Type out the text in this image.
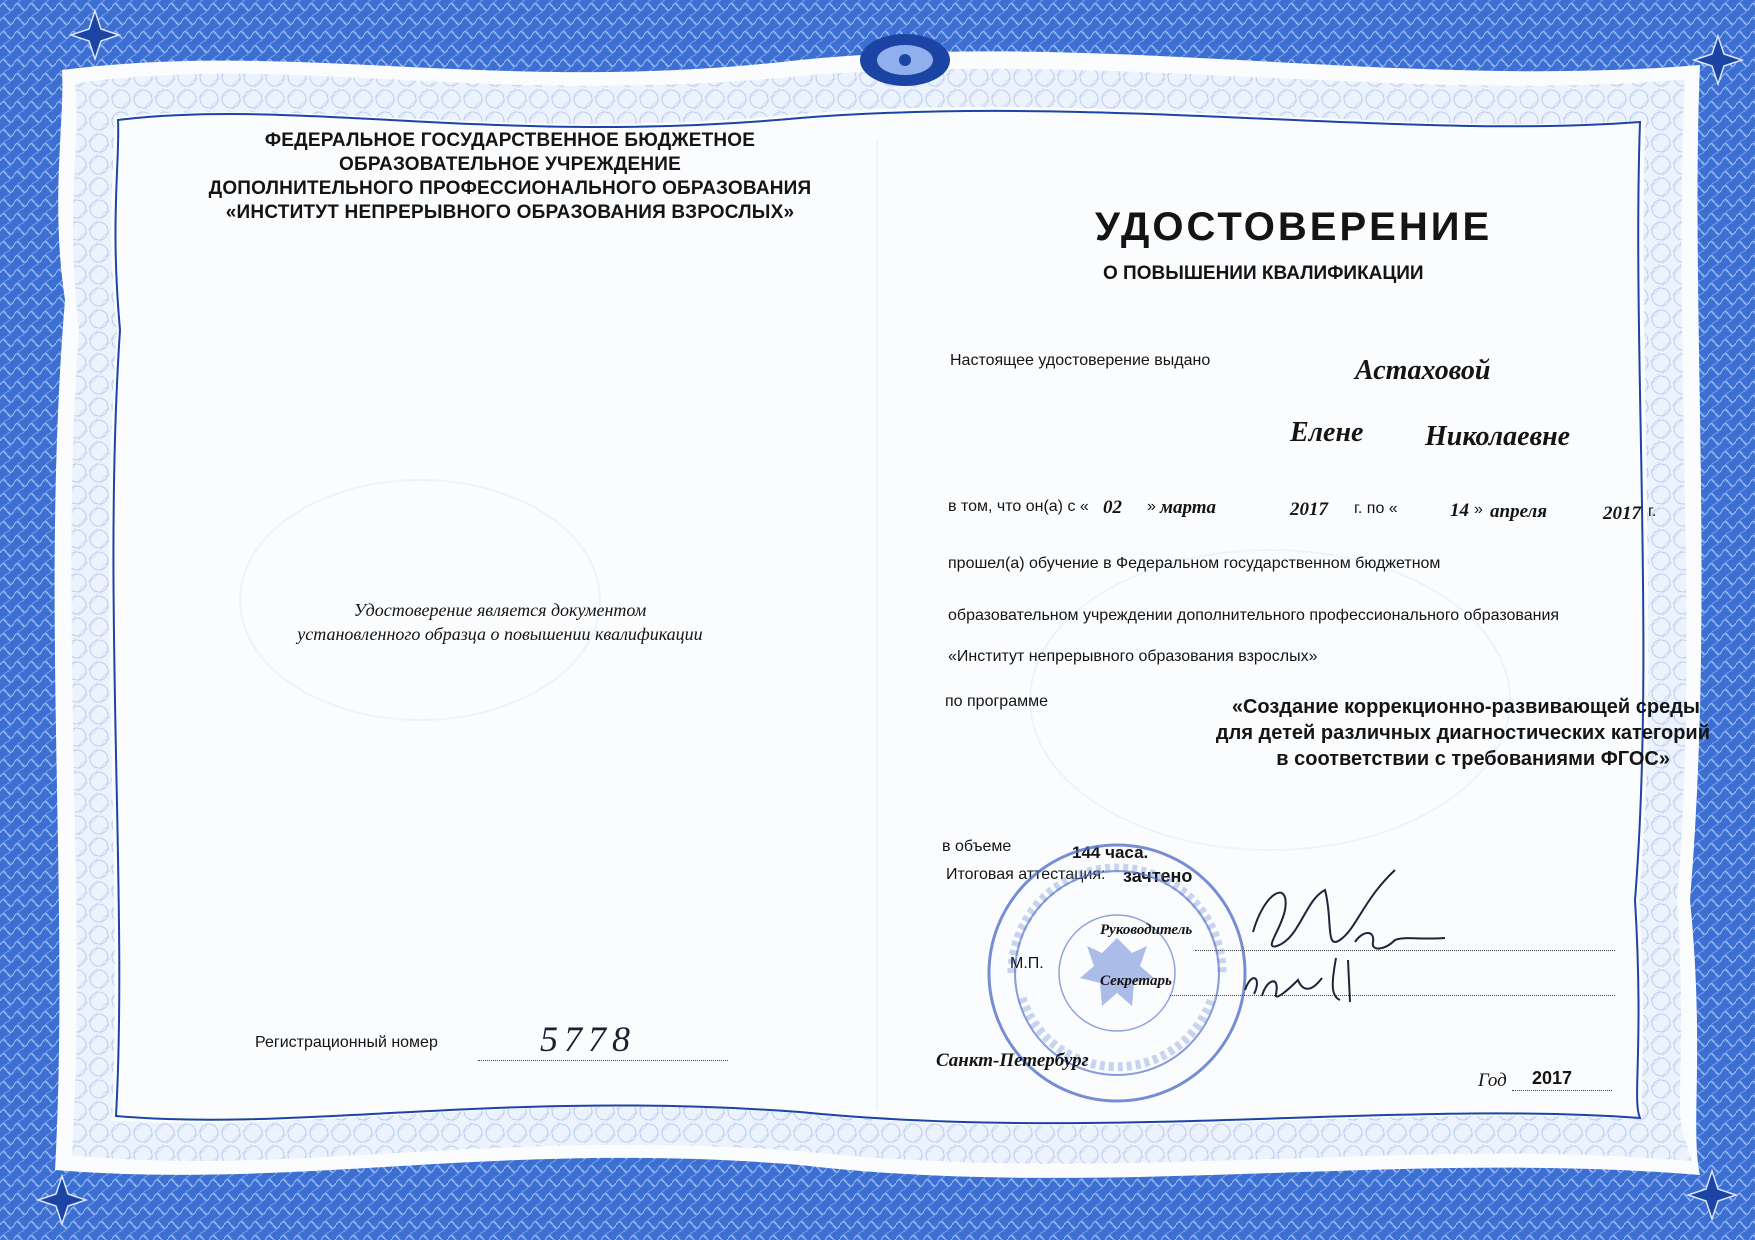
ФЕДЕРАЛЬНОЕ ГОСУДАРСТВЕННОЕ БЮДЖЕТНОЕ
ОБРАЗОВАТЕЛЬНОЕ УЧРЕЖДЕНИЕ
ДОПОЛНИТЕЛЬНОГО ПРОФЕССИОНАЛЬНОГО ОБРАЗОВАНИЯ
«ИНСТИТУТ НЕПРЕРЫВНОГО ОБРАЗОВАНИЯ ВЗРОСЛЫХ»
Удостоверение является документом
установленного образца о повышении квалификации
Регистрационный номер	5778
УДОСТОВЕРЕНИЕ
О ПОВЫШЕНИИ КВАЛИФИКАЦИИ
Настоящее удостоверение выдано	Астаховой
Елене Николаевне
в том, что он(а) с « 02 » марта	2017 г. по «	14 » апреля	2017 г.
прошел(а) обучение в Федеральном государственном бюджетном
образовательном учреждении дополнительного профессионального образования
«Институт непрерывного образования взрослых»
по программе	«Создание коррекционно-развивающей среды
для детей различных диагностических категорий
в соответствии с требованиями ФГОС»
в объеме	144 часа.
Итоговая аттестация: зачтено
Руководитель
М.П.
Секретарь
Санкт-Петербург
Год 2017
